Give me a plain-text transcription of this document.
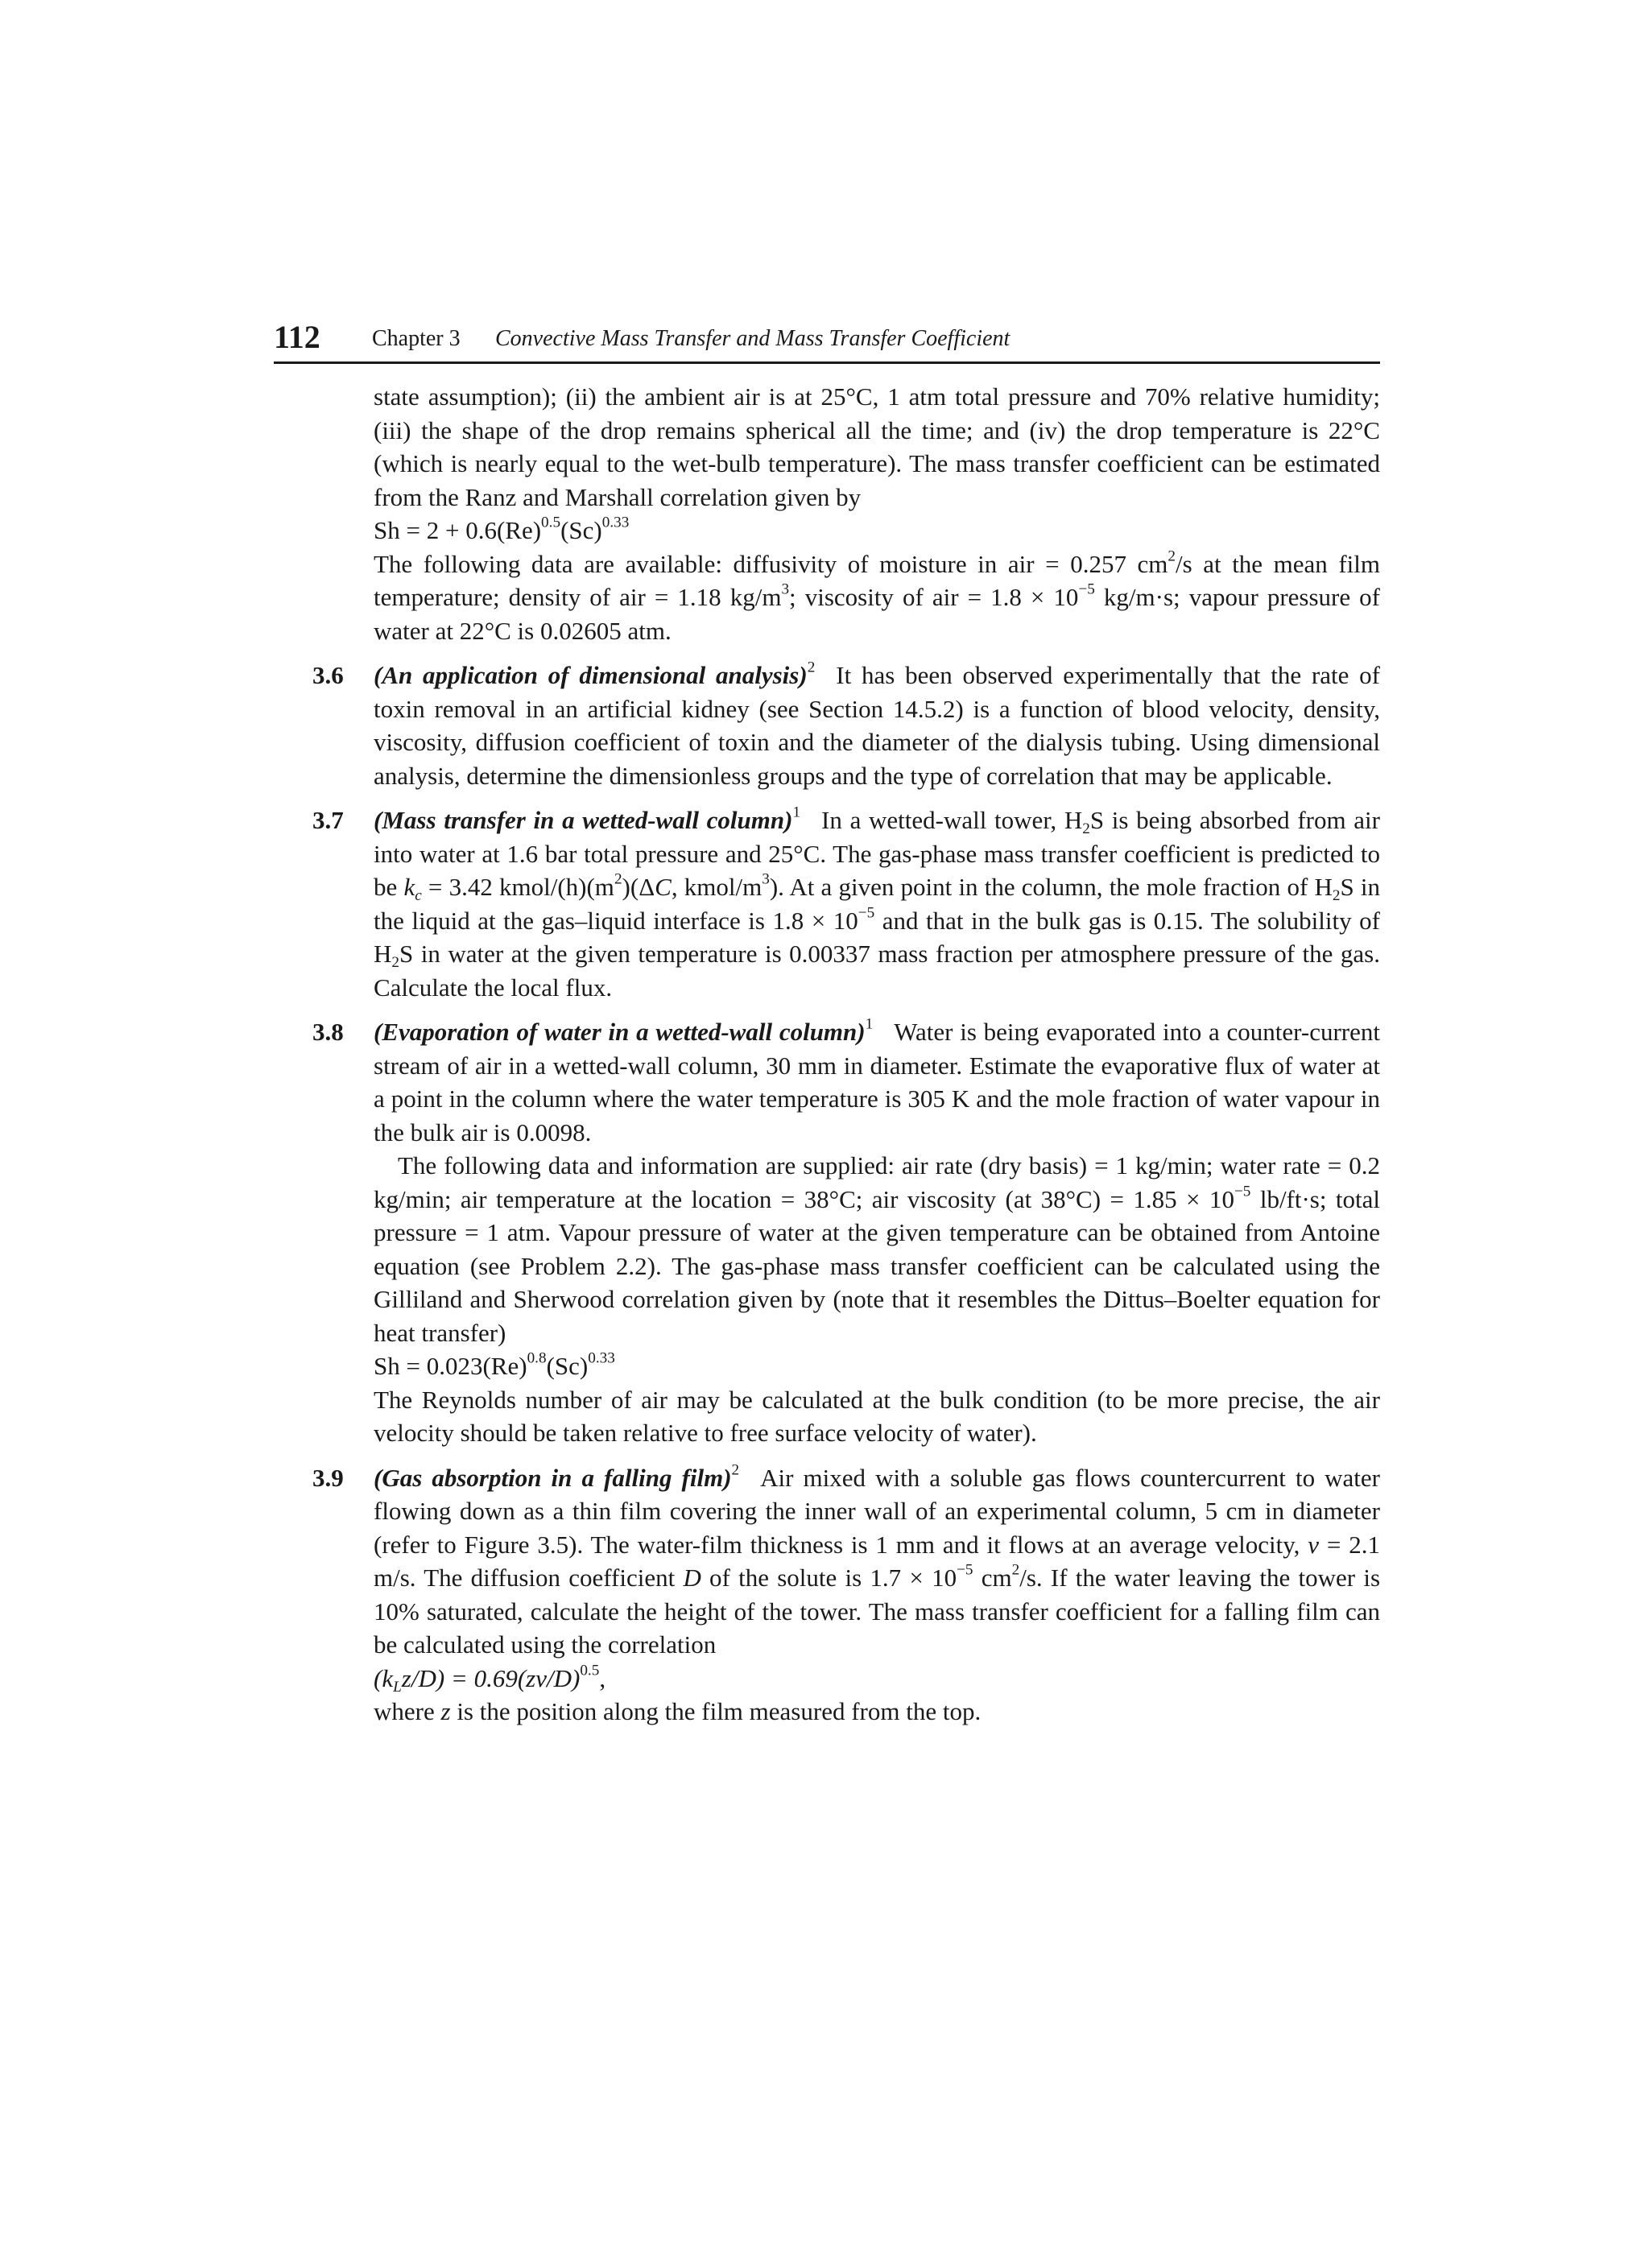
112 Chapter 3 Convective Mass Transfer and Mass Transfer Coefficient

state assumption); (ii) the ambient air is at 25°C, 1 atm total pressure and 70% relative humidity; (iii) the shape of the drop remains spherical all the time; and (iv) the drop temperature is 22°C (which is nearly equal to the wet-bulb temperature). The mass transfer coefficient can be estimated from the Ranz and Marshall correlation given by

$Sh = 2 + 0.6(Re)^{0.5}(Sc)^{0.33}$

The following data are available: diffusivity of moisture in air = 0.257 $cm^2/s$ at the mean film temperature; density of air = 1.18 $kg/m^3$; viscosity of air = $1.8 \times 10^{-5}$ kg/m·s; vapour pressure of water at 22°C is 0.02605 atm.

3.6 (An application of dimensional analysis)$^2$ It has been observed experimentally that the rate of toxin removal in an artificial kidney (see Section 14.5.2) is a function of blood velocity, density, viscosity, diffusion coefficient of toxin and the diameter of the dialysis tubing. Using dimensional analysis, determine the dimensionless groups and the type of correlation that may be applicable.

3.7 (Mass transfer in a wetted-wall column)$^1$ In a wetted-wall tower, $H_2S$ is being absorbed from air into water at 1.6 bar total pressure and 25°C. The gas-phase mass transfer coefficient is predicted to be $k_c = 3.42$ kmol/$(h)(m^2)(\Delta C$, kmol/$m^3$). At a given point in the column, the mole fraction of $H_2S$ in the liquid at the gas–liquid interface is $1.8 \times 10^{-5}$ and that in the bulk gas is 0.15. The solubility of $H_2S$ in water at the given temperature is 0.00337 mass fraction per atmosphere pressure of the gas. Calculate the local flux.

3.8 (Evaporation of water in a wetted-wall column)$^1$ Water is being evaporated into a counter-current stream of air in a wetted-wall column, 30 mm in diameter. Estimate the evaporative flux of water at a point in the column where the water temperature is 305 K and the mole fraction of water vapour in the bulk air is 0.0098.

The following data and information are supplied: air rate (dry basis) = 1 kg/min; water rate = 0.2 kg/min; air temperature at the location = 38°C; air viscosity (at $38^\circ C) = 1.85 \times 10^{-5}$ lb/ft·s; total pressure = 1 atm. Vapour pressure of water at the given temperature can be obtained from Antoine equation (see Problem 2.2). The gas-phase mass transfer coefficient can be calculated using the Gilliland and Sherwood correlation given by (note that it resembles the Dittus–Boelter equation for heat transfer)

$Sh = 0.023(Re)^{0.8}(Sc)^{0.33}$

The Reynolds number of air may be calculated at the bulk condition (to be more precise, the air velocity should be taken relative to free surface velocity of water).

3.9 (Gas absorption in a falling film)$^2$ Air mixed with a soluble gas flows countercurrent to water flowing down as a thin film covering the inner wall of an experimental column, 5 cm in diameter (refer to Figure 3.5). The water-film thickness is 1 mm and it flows at an average velocity, v = 2.1 m/s. The diffusion coefficient D of the solute is $1.7 \times 10^{-5}$ $cm^2/s$. If the water leaving the tower is 10% saturated, calculate the height of the tower. The mass transfer coefficient for a falling film can be calculated using the correlation

$(k_Lz/D) = 0.69(zv/D)^{0.5}$,

where z is the position along the film measured from the top.
